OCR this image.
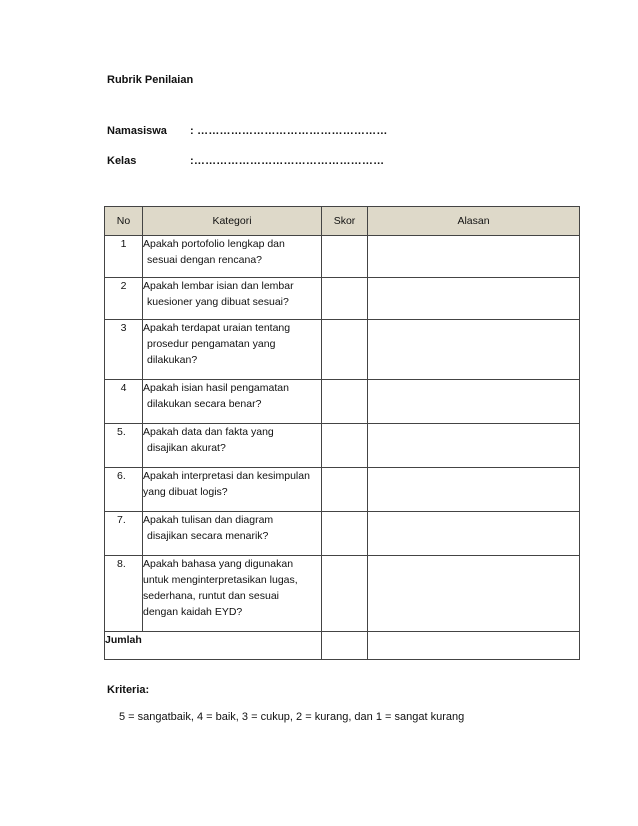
Rubrik Penilaian
Namasiswa : ……………………………………………
Kelas	:……………………………………………
No	Kategori	Skor	Alasan
1	Apakah portofolio lengkap dan
sesuai dengan rencana?		

2	Apakah lembar isian dan lembar
kuesioner yang dibuat sesuai?		

3	Apakah terdapat uraian tentang
prosedur pengamatan yang
dilakukan?		

4	Apakah isian hasil pengamatan
dilakukan secara benar?		

5.	Apakah data dan fakta yang
disajikan akurat?		

6.	Apakah interpretasi dan kesimpulan
yang dibuat logis?		

7.	Apakah tulisan dan diagram
disajikan secara menarik?		

8.	Apakah bahasa yang digunakan
untuk menginterpretasikan lugas,
sederhana, runtut dan sesuai
dengan kaidah EYD?		

Jumlah			
Kriteria:
5 = sangatbaik, 4 = baik, 3 = cukup, 2 = kurang, dan 1 = sangat kurang
